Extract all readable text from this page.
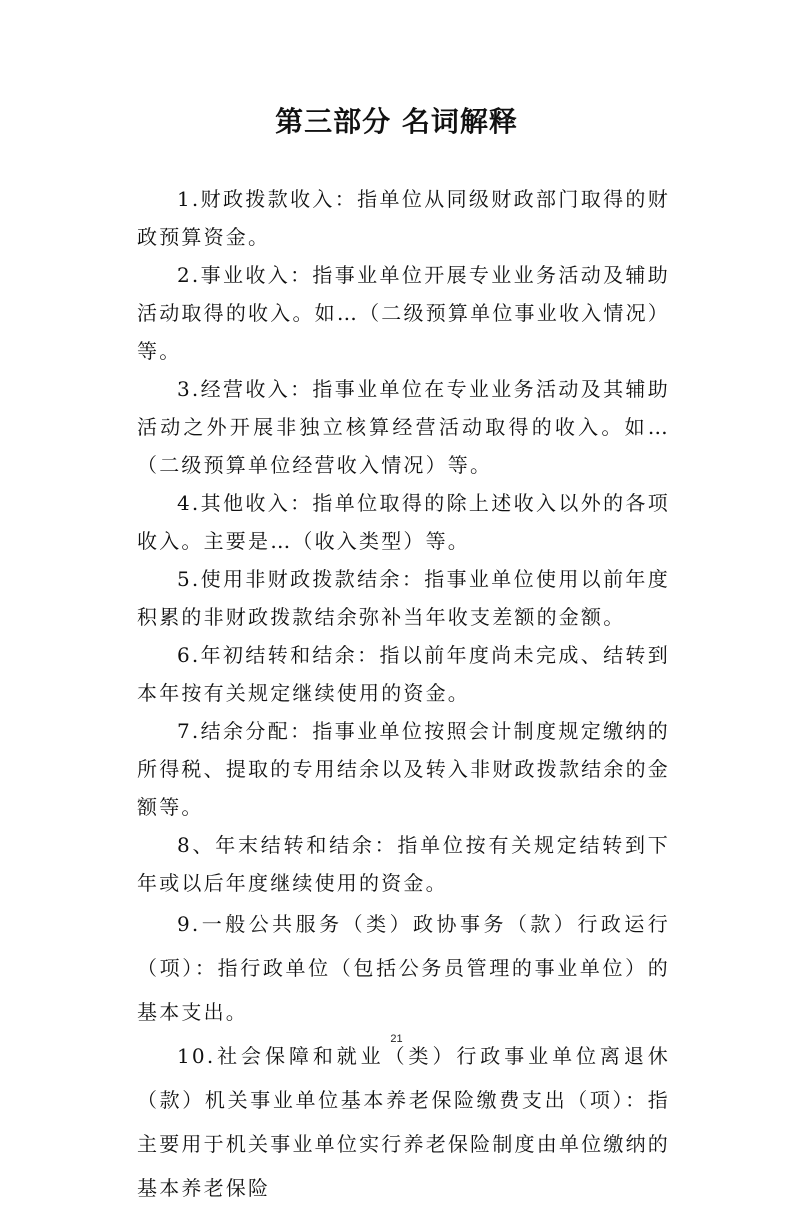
第三部分 名词解释

1.财政拨款收入：指单位从同级财政部门取得的财政预算资金。

2.事业收入：指事业单位开展专业业务活动及辅助活动取得的收入。如…（二级预算单位事业收入情况）等。

3.经营收入：指事业单位在专业业务活动及其辅助活动之外开展非独立核算经营活动取得的收入。如…（二级预算单位经营收入情况）等。

4.其他收入：指单位取得的除上述收入以外的各项收入。主要是…（收入类型）等。

5.使用非财政拨款结余：指事业单位使用以前年度积累的非财政拨款结余弥补当年收支差额的金额。

6.年初结转和结余：指以前年度尚未完成、结转到本年按有关规定继续使用的资金。

7.结余分配：指事业单位按照会计制度规定缴纳的所得税、提取的专用结余以及转入非财政拨款结余的金额等。

8、年末结转和结余：指单位按有关规定结转到下年或以后年度继续使用的资金。

9.一般公共服务（类）政协事务（款）行政运行（项）：指行政单位（包括公务员管理的事业单位）的基本支出。

10.社会保障和就业（类）行政事业单位离退休（款）机关事业单位基本养老保险缴费支出（项）：指主要用于机关事业单位实行养老保险制度由单位缴纳的基本养老保险

21
